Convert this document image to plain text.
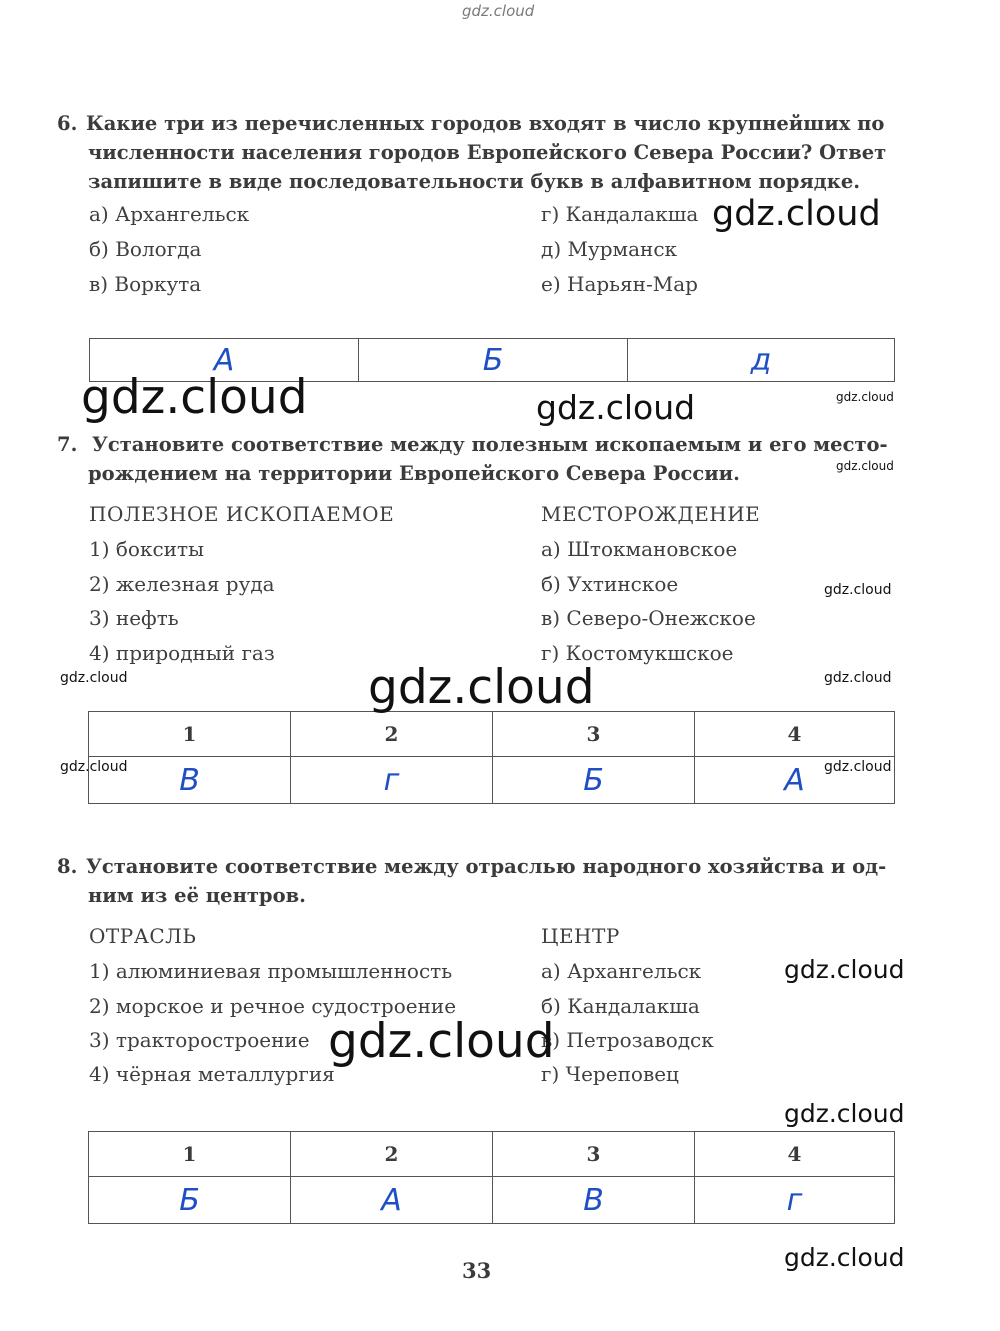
gdz.cloud
6. Какие три из перечисленных городов входят в число крупнейших по
численности населения городов Европейского Севера России? Ответ
запишите в виде последовательности букв в алфавитном порядке.
а) Архангельск
б) Вологда
в) Воркута
г) Кандалакша
д) Мурманск
е) Нарьян-Мар
gdz.cloud
А	Б	д
gdz.cloud	gdz.cloud	gdz.cloud
gdz.cloud
7. Установите соответствие между полезным ископаемым и его место-
рождением на территории Европейского Севера России.
ПОЛЕЗНОЕ ИСКОПАЕМОЕ	МЕСТОРОЖДЕНИЕ
1) бокситы
2) железная руда
3) нефть
4) природный газ
а) Штокмановское
б) Ухтинское
в) Северо-Онежское
г) Костомукшское
gdz.cloud
gdz.cloud	gdz.cloud
1	2	3	4
В	г	Б	А
gdz.cloud
gdz.cloud	gdz.cloud
8. Установите соответствие между отраслью народного хозяйства и од-
ним из её центров.
ОТРАСЛЬ	ЦЕНТР
1) алюминиевая промышленность
2) морское и речное судостроение
3) тракторостроение
4) чёрная металлургия
а) Архангельск
б) Кандалакша
в) Петрозаводск
г) Череповец
gdz.cloud
gdz.cloud
gdz.cloud
1	2	3	4
Б	А	В	г
gdz.cloud
33
